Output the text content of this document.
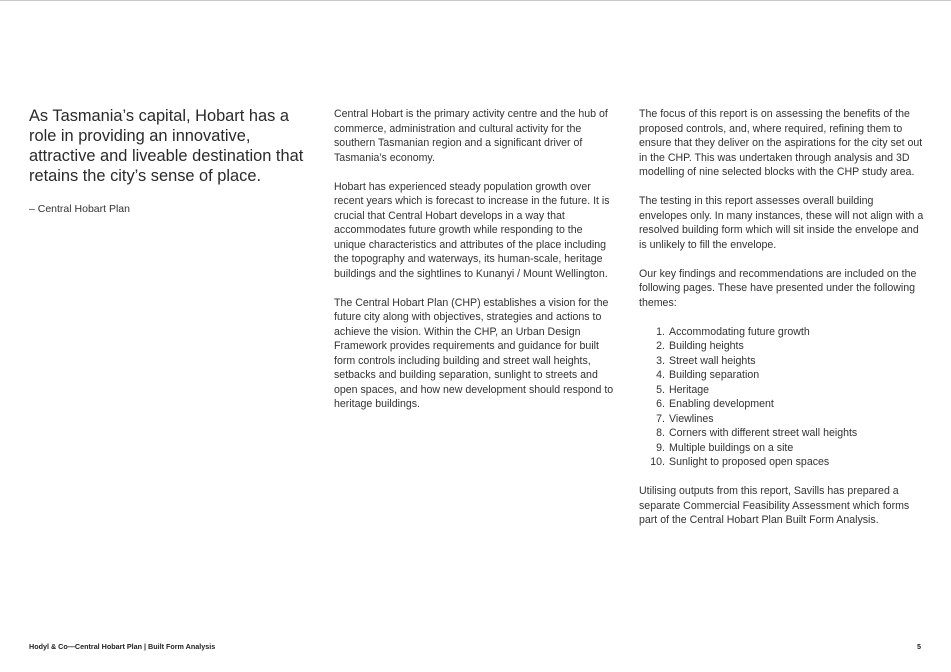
As Tasmania’s capital, Hobart has a role in providing an innovative, attractive and liveable destination that retains the city’s sense of place.

– Central Hobart Plan

Central Hobart is the primary activity centre and the hub of commerce, administration and cultural activity for the southern Tasmanian region and a significant driver of Tasmania’s economy.

Hobart has experienced steady population growth over recent years which is forecast to increase in the future. It is crucial that Central Hobart develops in a way that accommodates future growth while responding to the unique characteristics and attributes of the place including the topography and waterways, its human-scale, heritage buildings and the sightlines to Kunanyi / Mount Wellington.

The Central Hobart Plan (CHP) establishes a vision for the future city along with objectives, strategies and actions to achieve the vision. Within the CHP, an Urban Design Framework provides requirements and guidance for built form controls including building and street wall heights, setbacks and building separation, sunlight to streets and open spaces, and how new development should respond to heritage buildings.

The focus of this report is on assessing the benefits of the proposed controls, and, where required, refining them to ensure that they deliver on the aspirations for the city set out in the CHP. This was undertaken through analysis and 3D modelling of nine selected blocks with the CHP study area.

The testing in this report assesses overall building envelopes only. In many instances, these will not align with a resolved building form which will sit inside the envelope and is unlikely to fill the envelope.

Our key findings and recommendations are included on the following pages. These have presented under the following themes:

1. Accommodating future growth
2. Building heights
3. Street wall heights
4. Building separation
5. Heritage
6. Enabling development
7. Viewlines
8. Corners with different street wall heights
9. Multiple buildings on a site
10. Sunlight to proposed open spaces

Utilising outputs from this report, Savills has prepared a separate Commercial Feasibility Assessment which forms part of the Central Hobart Plan Built Form Analysis.

Hodyl & Co—Central Hobart Plan | Built Form Analysis	5
